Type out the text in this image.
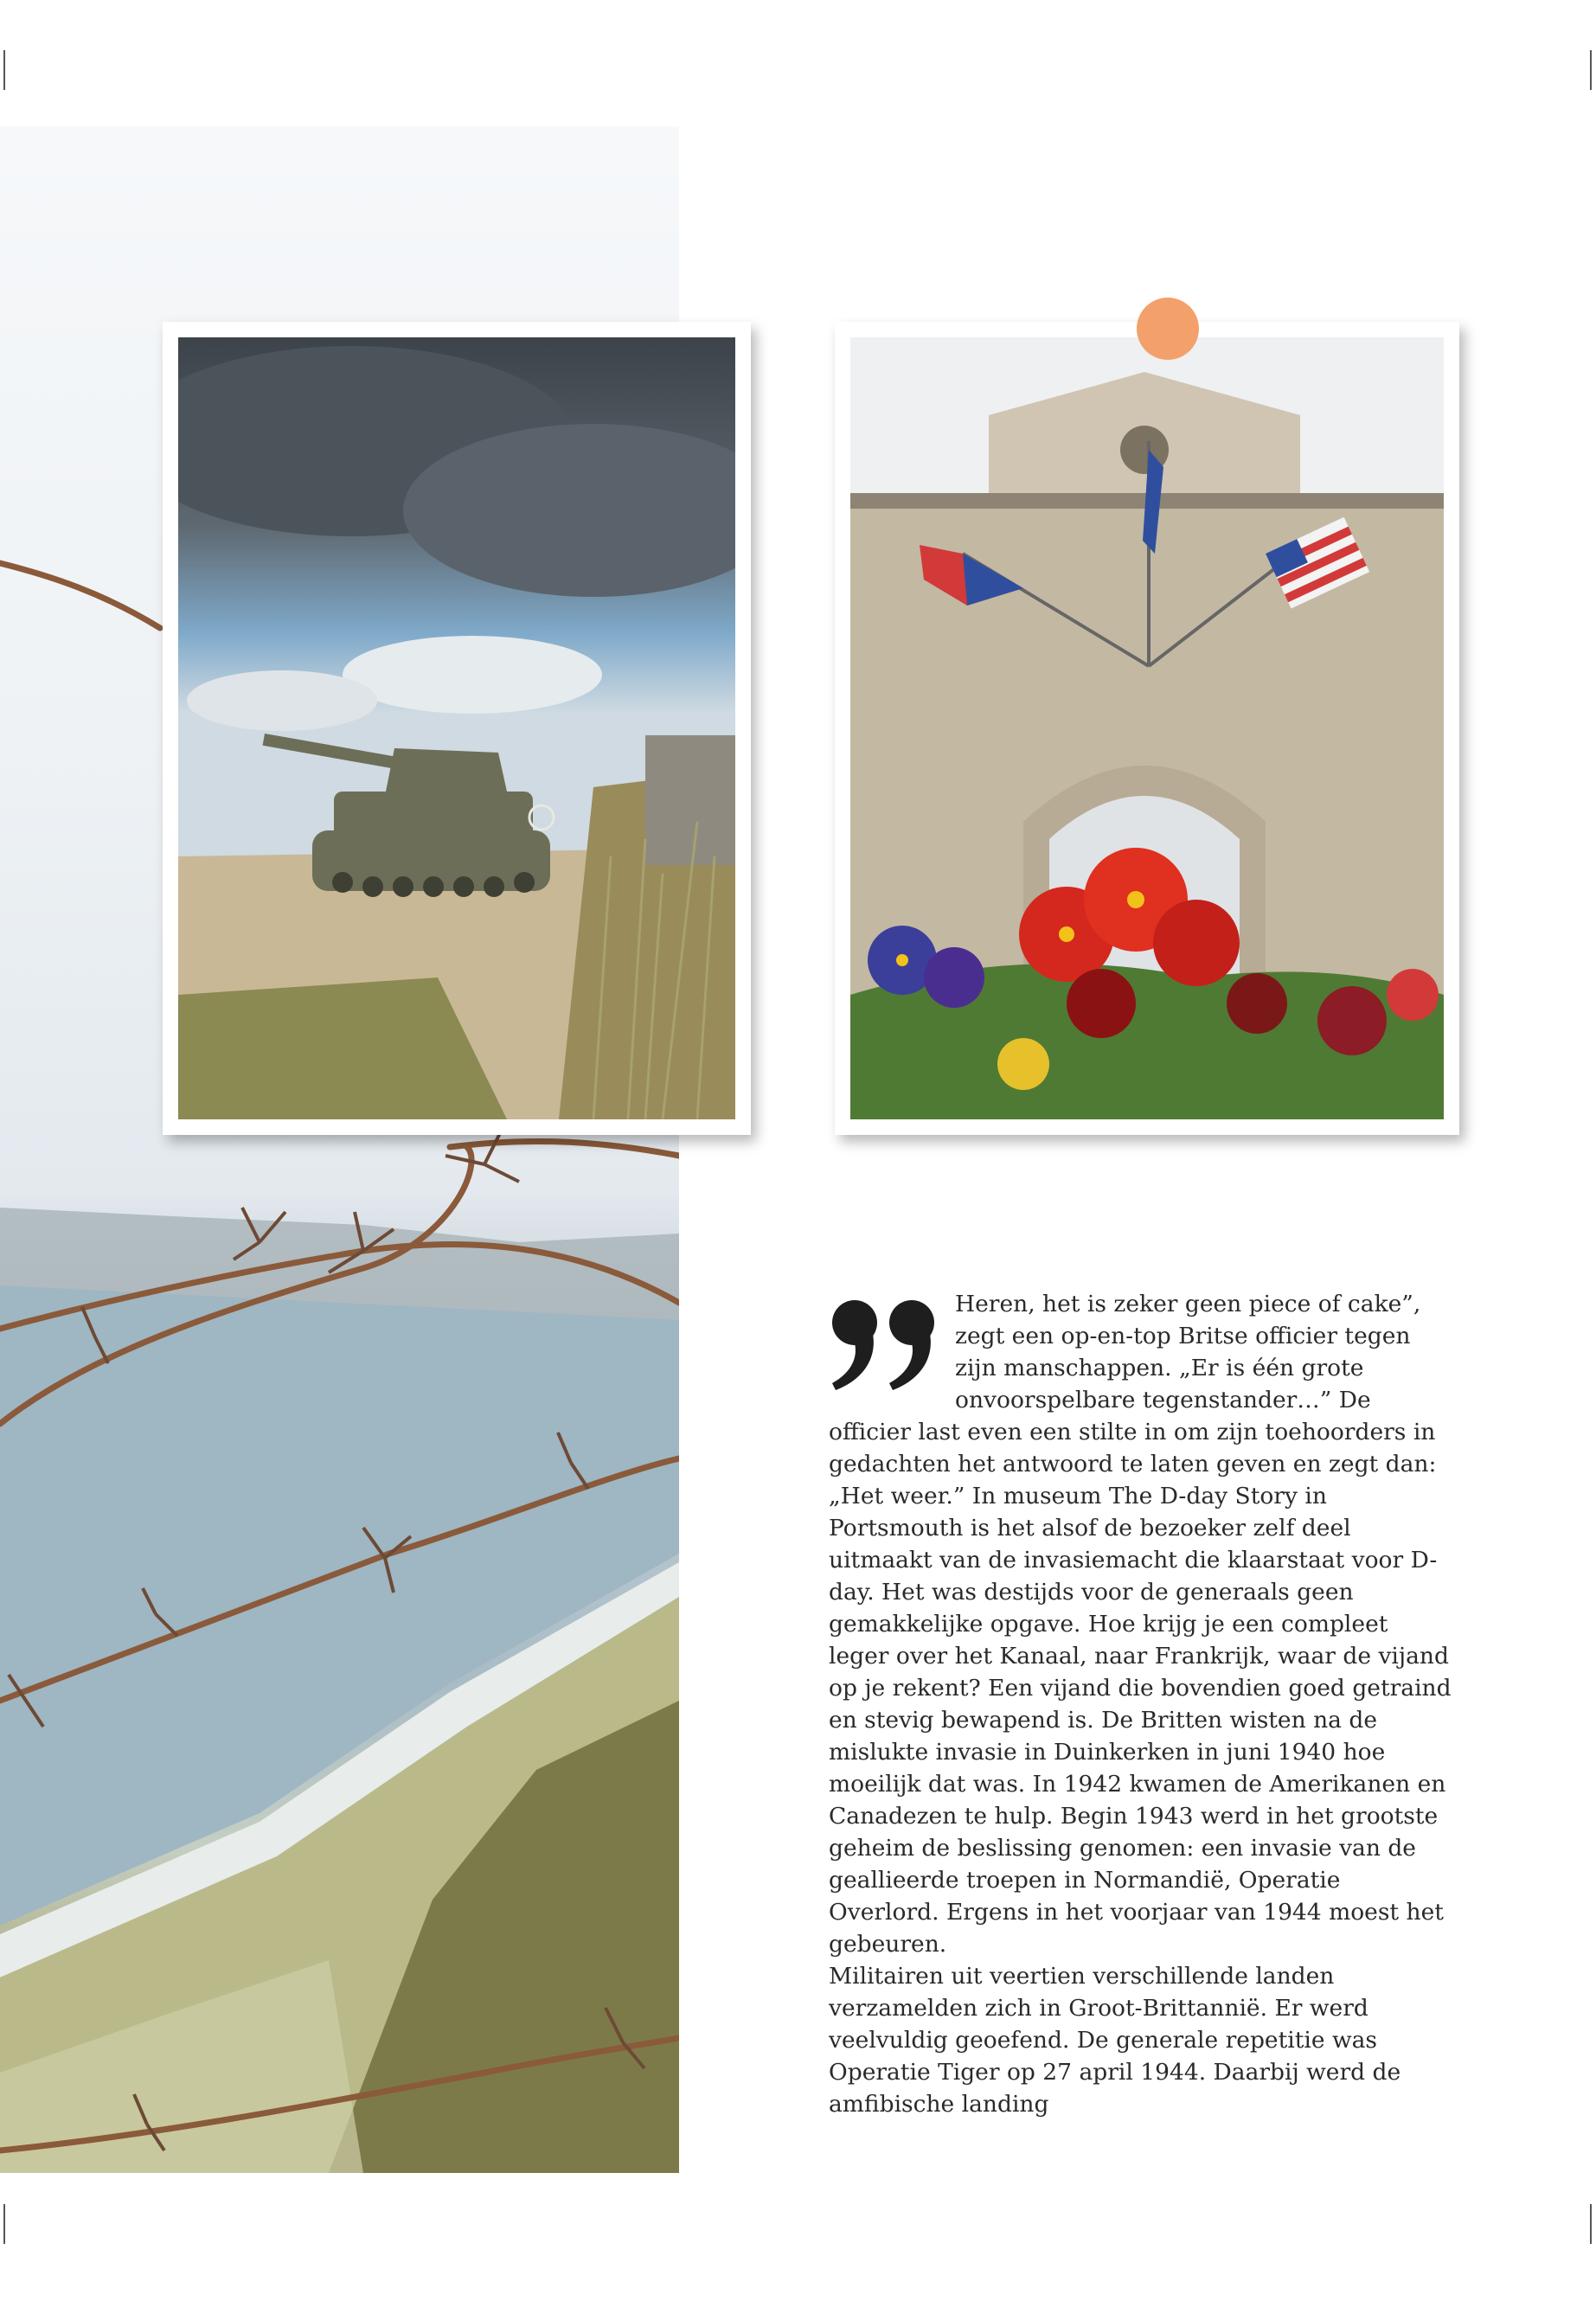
Heren, het is zeker geen piece of cake”, zegt een op-en-top Britse officier tegen zijn manschappen. „Er is één grote onvoorspelbare tegenstander…” De officier last even een stilte in om zijn toehoorders in gedachten het antwoord te laten geven en zegt dan: „Het weer.” In museum The D-day Story in Portsmouth is het alsof de bezoeker zelf deel uitmaakt van de invasiemacht die klaarstaat voor D-day. Het was destijds voor de generaals geen gemakkelijke opgave. Hoe krijg je een compleet leger over het Kanaal, naar Frankrijk, waar de vijand op je rekent? Een vijand die bovendien goed getraind en stevig bewapend is. De Britten wisten na de mislukte invasie in Duinkerken in juni 1940 hoe moeilijk dat was. In 1942 kwamen de Amerikanen en Canadezen te hulp. Begin 1943 werd in het grootste geheim de beslissing genomen: een invasie van de geallieerde troepen in Normandië, Operatie Overlord. Ergens in het voorjaar van 1944 moest het gebeuren.

Militairen uit veertien verschillende landen verzamelden zich in Groot-Brittannië. Er werd veelvuldig geoefend. De generale repetitie was Operatie Tiger op 27 april 1944. Daarbij werd de amfibische landing
